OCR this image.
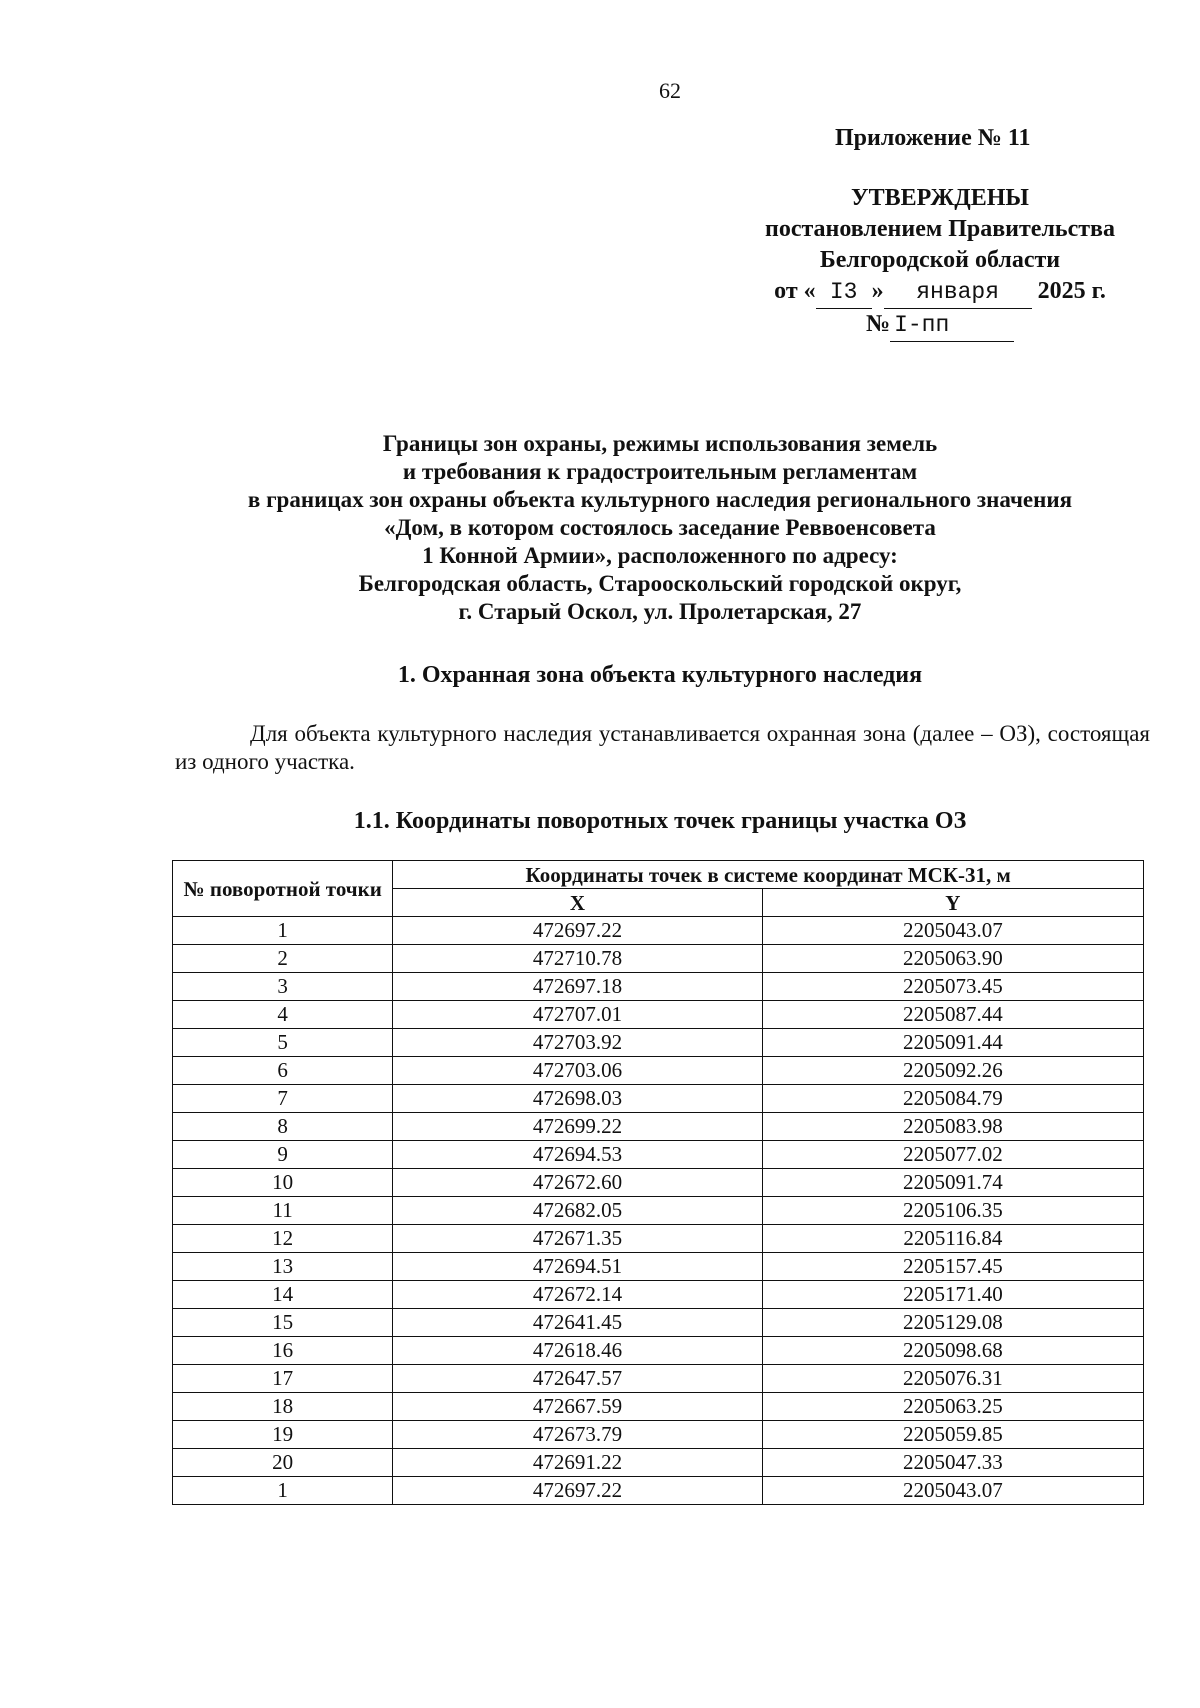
62
Приложение № 11
УТВЕРЖДЕНЫ
постановлением Правительства
Белгородской области
от « I3 » января 2025 г.
№ I-пп
Границы зон охраны, режимы использования земель
и требования к градостроительным регламентам
в границах зон охраны объекта культурного наследия регионального значения
«Дом, в котором состоялось заседание Реввоенсовета
1 Конной Армии», расположенного по адресу:
Белгородская область, Старооскольский городской округ,
г. Старый Оскол, ул. Пролетарская, 27
1. Охранная зона объекта культурного наследия
Для объекта культурного наследия устанавливается охранная зона (далее – ОЗ), состоящая из одного участка.
1.1. Координаты поворотных точек границы участка ОЗ
№ поворотной точки	Координаты точек в системе координат МСК-31, м	
	X	Y
1	472697.22	2205043.07
2	472710.78	2205063.90
3	472697.18	2205073.45
4	472707.01	2205087.44
5	472703.92	2205091.44
6	472703.06	2205092.26
7	472698.03	2205084.79
8	472699.22	2205083.98
9	472694.53	2205077.02
10	472672.60	2205091.74
11	472682.05	2205106.35
12	472671.35	2205116.84
13	472694.51	2205157.45
14	472672.14	2205171.40
15	472641.45	2205129.08
16	472618.46	2205098.68
17	472647.57	2205076.31
18	472667.59	2205063.25
19	472673.79	2205059.85
20	472691.22	2205047.33
1	472697.22	2205043.07
